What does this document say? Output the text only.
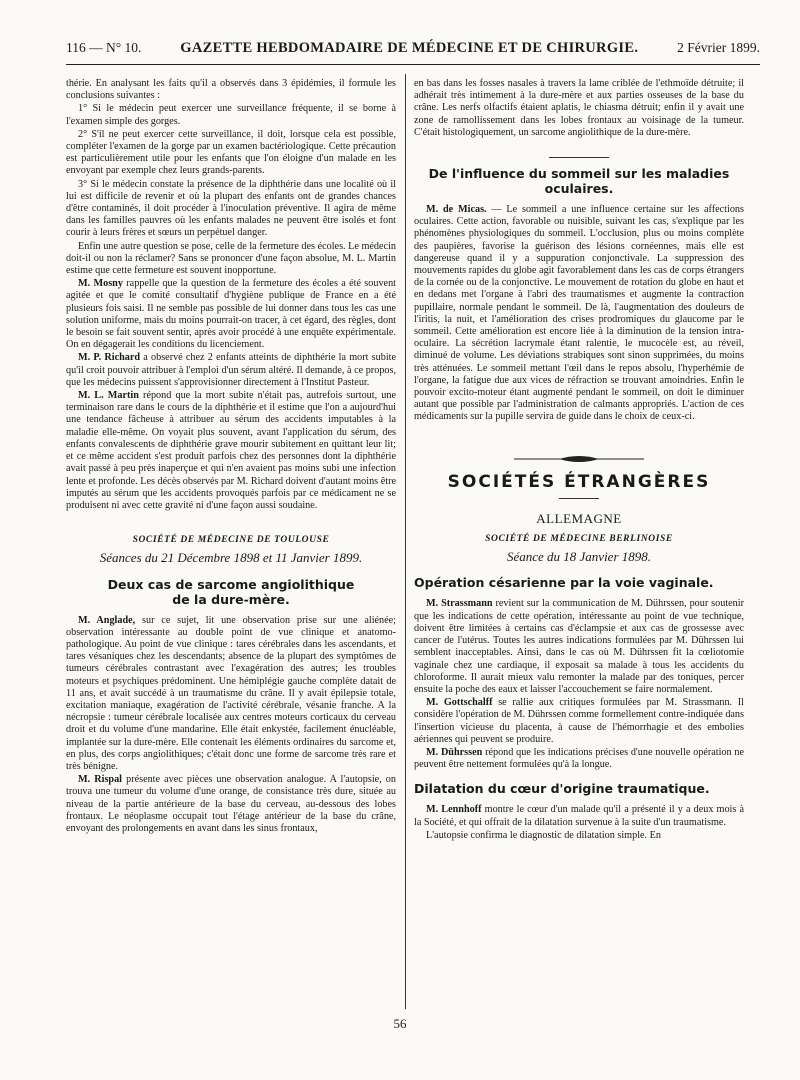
116 — N° 10.	GAZETTE HEBDOMADAIRE DE MÉDECINE ET DE CHIRURGIE.	2 Février 1899.

thérie. En analysant les faits qu'il a observés dans 3 épidémies, il formule les conclusions suivantes :

1° Si le médecin peut exercer une surveillance fréquente, il se borne à l'examen simple des gorges.

2° S'il ne peut exercer cette surveillance, il doit, lorsque cela est possible, compléter l'examen de la gorge par un examen bactériologique. Cette précaution est particulièrement utile pour les enfants que l'on éloigne d'un malade en les envoyant par exemple chez leurs grands-parents.

3° Si le médecin constate la présence de la diphthérie dans une localité où il lui est difficile de revenir et où la plupart des enfants ont de grandes chances d'être contaminés, il doit procéder à l'inoculation préventive. Il agira de même dans les familles pauvres où les enfants malades ne peuvent être isolés et font courir à leurs frères et sœurs un perpétuel danger.

Enfin une autre question se pose, celle de la fermeture des écoles. Le médecin doit-il ou non la réclamer? Sans se prononcer d'une façon absolue, M. L. Martin estime que cette fermeture est souvent inopportune.

M. Mosny rappelle que la question de la fermeture des écoles a été souvent agitée et que le comité consultatif d'hygiène publique de France en a été plusieurs fois saisi. Il ne semble pas possible de lui donner dans tous les cas une solution uniforme, mais du moins pourrait-on tracer, à cet égard, des règles, dont le besoin se fait souvent sentir, après avoir procédé à une enquête expérimentale. On en dégagerait les conditions du licenciement.

M. P. Richard a observé chez 2 enfants atteints de diphthérie la mort subite qu'il croit pouvoir attribuer à l'emploi d'un sérum altéré. Il demande, à ce propos, que les médecins puissent s'approvisionner directement à l'Institut Pasteur.

M. L. Martin répond que la mort subite n'était pas, autrefois surtout, une terminaison rare dans le cours de la diphthérie et il estime que l'on a aujourd'hui une tendance fâcheuse à attribuer au sérum des accidents imputables à la maladie elle-même. On voyait plus souvent, avant l'application du sérum, des enfants convalescents de diphthérie grave mourir subitement en quittant leur lit; et ce même accident s'est produit parfois chez des personnes dont la diphthérie avait passé à peu près inaperçue et qui n'en avaient pas moins subi une infection lente et profonde. Les décès observés par M. Richard doivent d'autant moins être imputés au sérum que les accidents provoqués parfois par ce médicament ne se produisent ni avec cette gravité ni d'une façon aussi soudaine.

SOCIÉTÉ DE MÉDECINE DE TOULOUSE
Séances du 21 Décembre 1898 et 11 Janvier 1899.
Deux cas de sarcome angiolithique
de la dure-mère.

M. Anglade, sur ce sujet, lit une observation prise sur une aliénée; observation intéressante au double point de vue clinique et anatomo-pathologique. Au point de vue clinique : tares cérébrales dans les ascendants, et tares vésaniques chez les descendants; absence de la plupart des symptômes de tumeurs cérébrales contrastant avec l'exagération des autres; les troubles moteurs et psychiques prédominent. Une hémiplégie gauche complète datait de 11 ans, et avait succédé à un traumatisme du crâne. Il y avait épilepsie totale, excitation maniaque, exagération de l'activité cérébrale, vésanie franche. A la nécropsie : tumeur cérébrale localisée aux centres moteurs corticaux du cerveau droit et du volume d'une mandarine. Elle était enkystée, facilement énucléable, implantée sur la dure-mère. Elle contenait les éléments ordinaires du sarcome et, en plus, des corps angiolithiques; c'était donc une forme de sarcome très rare et très bénigne.

M. Rispal présente avec pièces une observation analogue. A l'autopsie, on trouva une tumeur du volume d'une orange, de consistance très dure, située au niveau de la partie antérieure de la base du cerveau, au-dessous des lobes frontaux. Le néoplasme occupait tout l'étage antérieur de la base du crâne, envoyant des prolongements en avant dans les sinus frontaux,

en bas dans les fosses nasales à travers la lame criblée de l'ethmoïde détruite; il adhérait très intimement à la dure-mère et aux parties osseuses de la base du crâne. Les nerfs olfactifs étaient aplatis, le chiasma détruit; enfin il y avait une zone de ramollissement dans les lobes frontaux au voisinage de la tumeur. C'était histologiquement, un sarcome angiolithique de la dure-mère.

De l'influence du sommeil sur les maladies
oculaires.

M. de Micas. — Le sommeil a une influence certaine sur les affections oculaires. Cette action, favorable ou nuisible, suivant les cas, s'explique par les phénomènes physiologiques du sommeil. L'occlusion, plus ou moins complète des paupières, favorise la guérison des lésions cornéennes, mais elle est dangereuse quand il y a suppuration conjonctivale. La suppression des mouvements rapides du globe agit favorablement dans les cas de corps étrangers de la cornée ou de la conjonctive. Le mouvement de rotation du globe en haut et en dedans met l'organe à l'abri des traumatismes et augmente la contraction pupillaire, normale pendant le sommeil. De là, l'augmentation des douleurs de l'iritis, la nuit, et l'amélioration des crises prodromiques du glaucome par le sommeil. Cette amélioration est encore liée à la diminution de la tension intra-oculaire. La sécrétion lacrymale étant ralentie, le mucocèle est, au réveil, diminué de volume. Les déviations strabiques sont sinon supprimées, du moins très atténuées. Le sommeil mettant l'œil dans le repos absolu, l'hyperhémie de l'organe, la fatigue due aux vices de réfraction se trouvant amoindries. Enfin le pouvoir excito-moteur étant augmenté pendant le sommeil, on doit le diminuer autant que possible par l'administration de calmants appropriés. L'action de ces médicaments sur la pupille servira de guide dans le choix de ceux-ci.

SOCIÉTÉS ÉTRANGÈRES
ALLEMAGNE
SOCIÉTÉ DE MÉDECINE BERLINOISE
Séance du 18 Janvier 1898.
Opération césarienne par la voie vaginale.

M. Strassmann revient sur la communication de M. Dührssen, pour soutenir que les indications de cette opération, intéressante au point de vue technique, doivent être limitées à certains cas d'éclampsie et aux cas de grossesse avec cancer de l'utérus. Toutes les autres indications formulées par M. Dührssen lui semblent inacceptables. Ainsi, dans le cas où M. Dührssen fit la cœliotomie vaginale chez une cardiaque, il exposait sa malade à tous les accidents du chloroforme. Il aurait mieux valu remonter la malade par des toniques, percer ensuite la poche des eaux et laisser l'accouchement se faire normalement.

M. Gottschalff se rallie aux critiques formulées par M. Strassmann. Il considère l'opération de M. Dührssen comme formellement contre-indiquée dans l'insertion vicieuse du placenta, à cause de l'hémorrhagie et des embolies aériennes qui peuvent se produire.

M. Dührssen répond que les indications précises d'une nouvelle opération ne peuvent être nettement formulées qu'à la longue.

Dilatation du cœur d'origine traumatique.

M. Lennhoff montre le cœur d'un malade qu'il a présenté il y a deux mois à la Société, et qui offrait de la dilatation survenue à la suite d'un traumatisme.

L'autopsie confirma le diagnostic de dilatation simple. En

56
